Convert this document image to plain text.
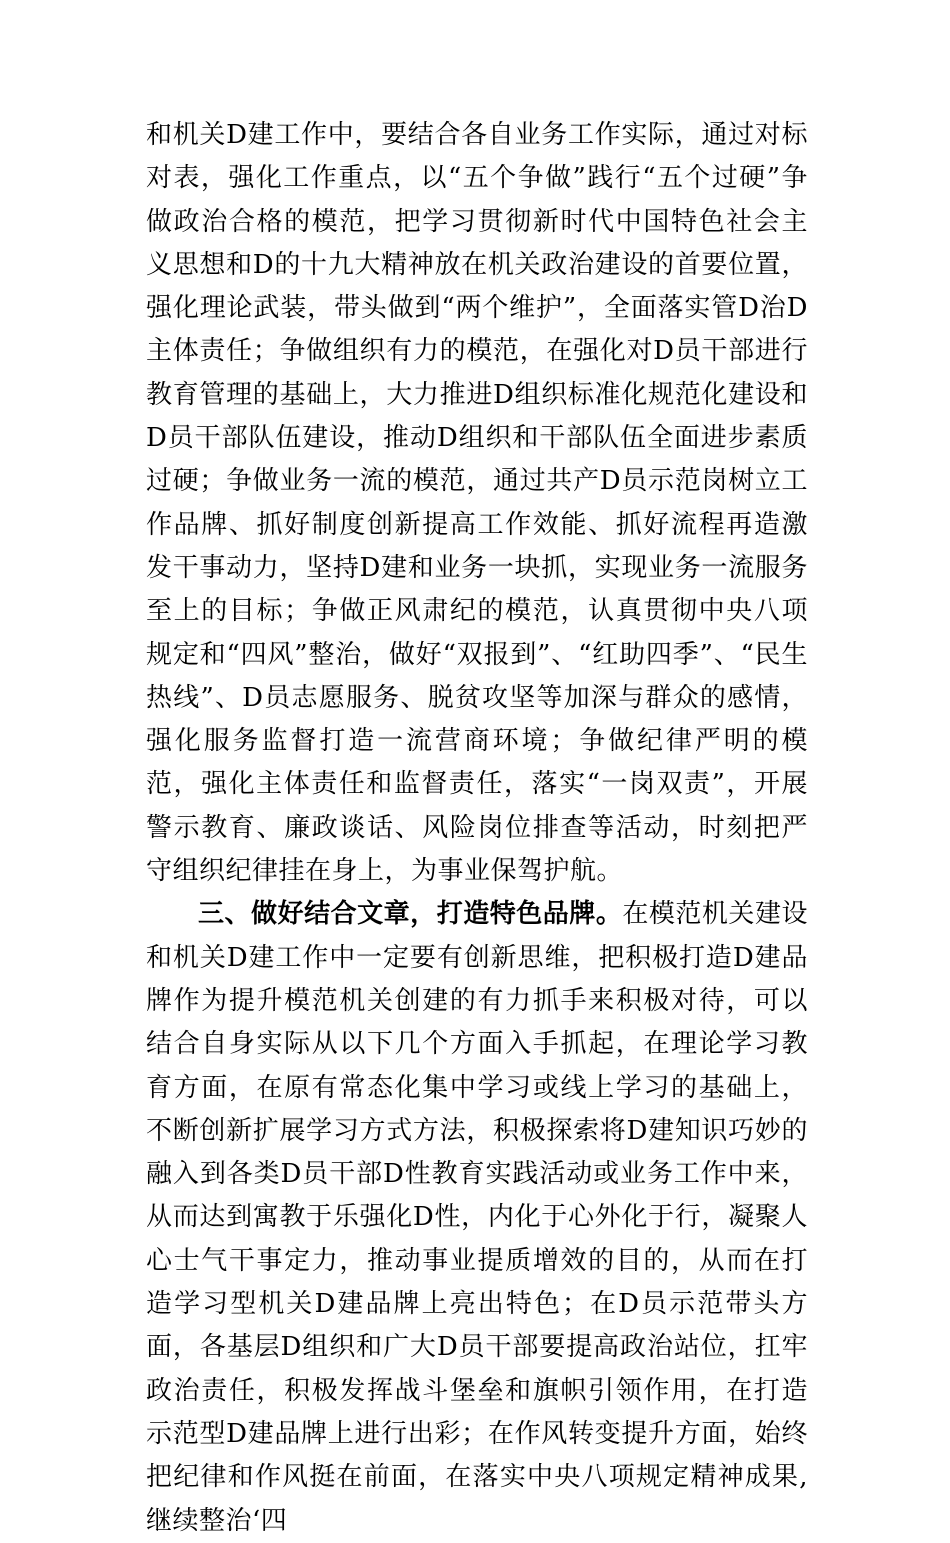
和机关D建工作中，要结合各自业务工作实际，通过对标对表，强化工作重点，以“五个争做”践行“五个过硬”争做政治合格的模范，把学习贯彻新时代中国特色社会主义思想和D的十九大精神放在机关政治建设的首要位置，强化理论武装，带头做到“两个维护”，全面落实管D治D主体责任；争做组织有力的模范，在强化对D员干部进行教育管理的基础上，大力推进D组织标准化规范化建设和D员干部队伍建设，推动D组织和干部队伍全面进步素质过硬；争做业务一流的模范，通过共产D员示范岗树立工作品牌、抓好制度创新提高工作效能、抓好流程再造激发干事动力，坚持D建和业务一块抓，实现业务一流服务至上的目标；争做正风肃纪的模范，认真贯彻中央八项规定和“四风”整治，做好“双报到”、“红助四季”、“民生热线”、D员志愿服务、脱贫攻坚等加深与群众的感情，强化服务监督打造一流营商环境；争做纪律严明的模范，强化主体责任和监督责任，落实“一岗双责”，开展警示教育、廉政谈话、风险岗位排查等活动，时刻把严守组织纪律挂在身上，为事业保驾护航。

三、做好结合文章，打造特色品牌。在模范机关建设和机关D建工作中一定要有创新思维，把积极打造D建品牌作为提升模范机关创建的有力抓手来积极对待，可以结合自身实际从以下几个方面入手抓起，在理论学习教育方面，在原有常态化集中学习或线上学习的基础上，不断创新扩展学习方式方法，积极探索将D建知识巧妙的融入到各类D员干部D性教育实践活动或业务工作中来，从而达到寓教于乐强化D性，内化于心外化于行，凝聚人心士气干事定力，推动事业提质增效的目的，从而在打造学习型机关D建品牌上亮出特色；在D员示范带头方面，各基层D组织和广大D员干部要提高政治站位，扛牢政治责任，积极发挥战斗堡垒和旗帜引领作用，在打造示范型D建品牌上进行出彩；在作风转变提升方面，始终把纪律和作风挺在前面，在落实中央八项规定精神成果,继续整治‘四
